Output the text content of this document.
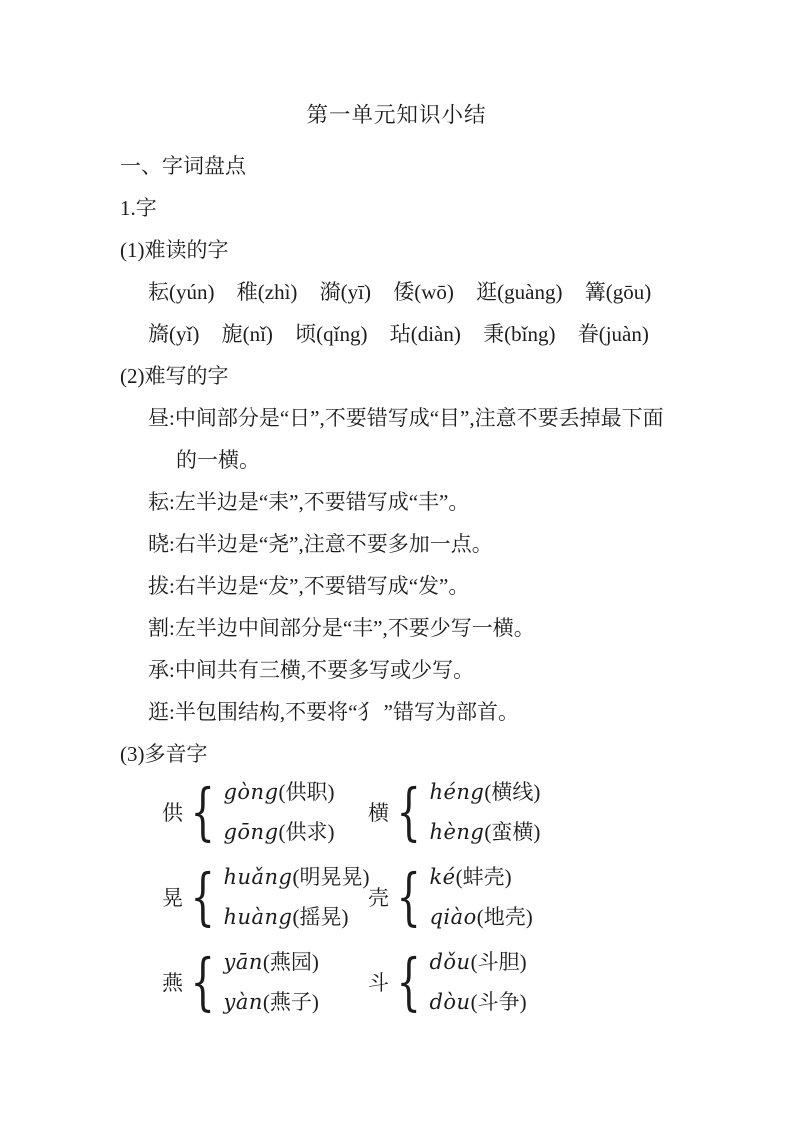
第一单元知识小结
一、字词盘点
1.字
(1)难读的字
耘(yún) 稚(zhì) 漪(yī) 倭(wō) 逛(guàng) 篝(gōu)
旖(yǐ) 旎(nǐ) 顷(qǐng) 玷(diàn) 秉(bǐng) 眷(juàn)
(2)难写的字
昼:中间部分是“日”,不要错写成“目”,注意不要丢掉最下面
的一横。
耘:左半边是“耒”,不要错写成“丰”。
晓:右半边是“尧”,注意不要多加一点。
拔:右半边是“犮”,不要错写成“发”。
割:左半边中间部分是“丰”,不要少写一横。
承:中间共有三横,不要多写或少写。
逛:半包围结构,不要将“犭 ”错写为部首。
(3)多音字
供 { gòng(供职)
gōng(供求)
横 { héng(横线)
hèng(蛮横)
晃 { huǎng(明晃晃)
huàng(摇晃)
壳 { ké(蚌壳)
qiào(地壳)
燕 { yān(燕园)
yàn(燕子)
斗 { dǒu(斗胆)
dòu(斗争)
